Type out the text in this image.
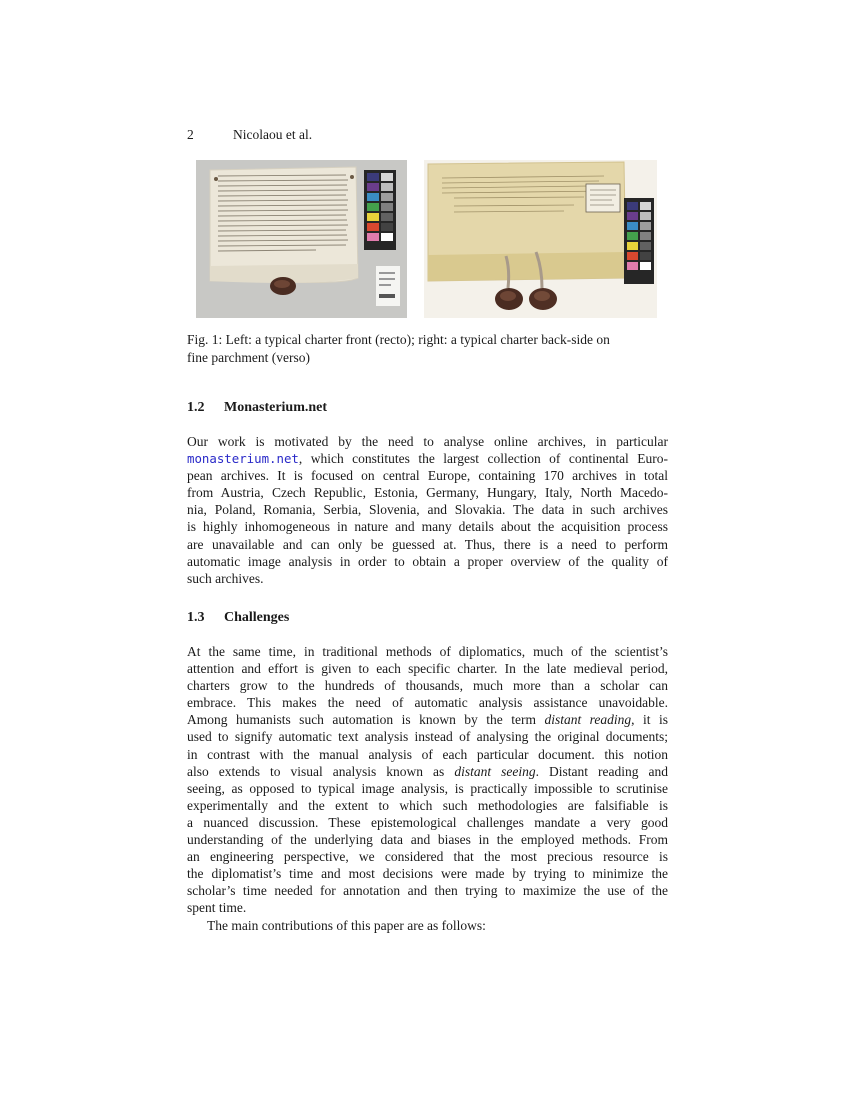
2	Nicolaou et al.
Fig. 1: Left: a typical charter front (recto); right: a typical charter back-side on
fine parchment (verso)
1.2 Monasterium.net

Our work is motivated by the need to analyse online archives, in particular
monasterium.net, which constitutes the largest collection of continental Euro-
pean archives. It is focused on central Europe, containing 170 archives in total
from Austria, Czech Republic, Estonia, Germany, Hungary, Italy, North Macedo-
nia, Poland, Romania, Serbia, Slovenia, and Slovakia. The data in such archives
is highly inhomogeneous in nature and many details about the acquisition process
are unavailable and can only be guessed at. Thus, there is a need to perform
automatic image analysis in order to obtain a proper overview of the quality of
such archives.

1.3 Challenges

At the same time, in traditional methods of diplomatics, much of the scientist’s
attention and effort is given to each specific charter. In the late medieval period,
charters grow to the hundreds of thousands, much more than a scholar can
embrace. This makes the need of automatic analysis assistance unavoidable.
Among humanists such automation is known by the term distant reading, it is
used to signify automatic text analysis instead of analysing the original documents;
in contrast with the manual analysis of each particular document. this notion
also extends to visual analysis known as distant seeing. Distant reading and
seeing, as opposed to typical image analysis, is practically impossible to scrutinise
experimentally and the extent to which such methodologies are falsifiable is
a nuanced discussion. These epistemological challenges mandate a very good
understanding of the underlying data and biases in the employed methods. From
an engineering perspective, we considered that the most precious resource is
the diplomatist’s time and most decisions were made by trying to minimize the
scholar’s time needed for annotation and then trying to maximize the use of the
spent time.
The main contributions of this paper are as follows:
